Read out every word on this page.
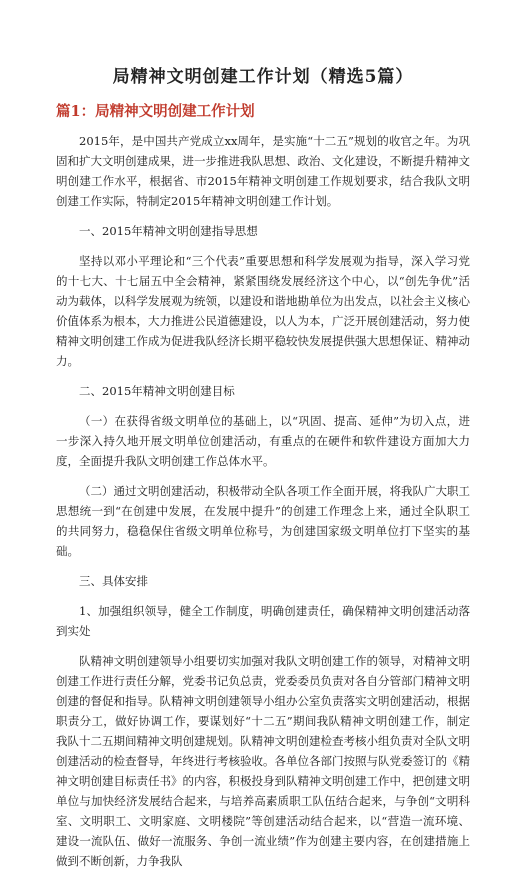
局精神文明创建工作计划（精选5篇）
篇1：局精神文明创建工作计划

2015年，是中国共产党成立xx周年，是实施“十二五”规划的收官之年。为巩固和扩大文明创建成果，进一步推进我队思想、政治、文化建设，不断提升精神文明创建工作水平，根据省、市2015年精神文明创建工作规划要求，结合我队文明创建工作实际，特制定2015年精神文明创建工作计划。

一、2015年精神文明创建指导思想

坚持以邓小平理论和“三个代表”重要思想和科学发展观为指导，深入学习党的十七大、十七届五中全会精神，紧紧围绕发展经济这个中心，以“创先争优”活动为载体，以科学发展观为统领，以建设和谐地勘单位为出发点，以社会主义核心价值体系为根本，大力推进公民道德建设，以人为本，广泛开展创建活动，努力使精神文明创建工作成为促进我队经济长期平稳较快发展提供强大思想保证、精神动力。

二、2015年精神文明创建目标

（一）在获得省级文明单位的基础上，以“巩固、提高、延伸”为切入点，进一步深入持久地开展文明单位创建活动，有重点的在硬件和软件建设方面加大力度，全面提升我队文明创建工作总体水平。

（二）通过文明创建活动，积极带动全队各项工作全面开展，将我队广大职工思想统一到“在创建中发展，在发展中提升”的创建工作理念上来，通过全队职工的共同努力，稳稳保住省级文明单位称号，为创建国家级文明单位打下坚实的基础。

三、具体安排

1、加强组织领导，健全工作制度，明确创建责任，确保精神文明创建活动落到实处

队精神文明创建领导小组要切实加强对我队文明创建工作的领导，对精神文明创建工作进行责任分解，党委书记负总责，党委委员负责对各自分管部门精神文明创建的督促和指导。队精神文明创建领导小组办公室负责落实文明创建活动，根据职责分工，做好协调工作，要谋划好“十二五”期间我队精神文明创建工作，制定我队十二五期间精神文明创建规划。队精神文明创建检查考核小组负责对全队文明创建活动的检查督导，年终进行考核验收。各单位各部门按照与队党委签订的《精神文明创建目标责任书》的内容，积极投身到队精神文明创建工作中，把创建文明单位与加快经济发展结合起来，与培养高素质职工队伍结合起来，与争创“文明科室、文明职工、文明家庭、文明楼院”等创建活动结合起来，以“营造一流环境、建设一流队伍、做好一流服务、争创一流业绩”作为创建主要内容，在创建措施上做到不断创新，力争我队
